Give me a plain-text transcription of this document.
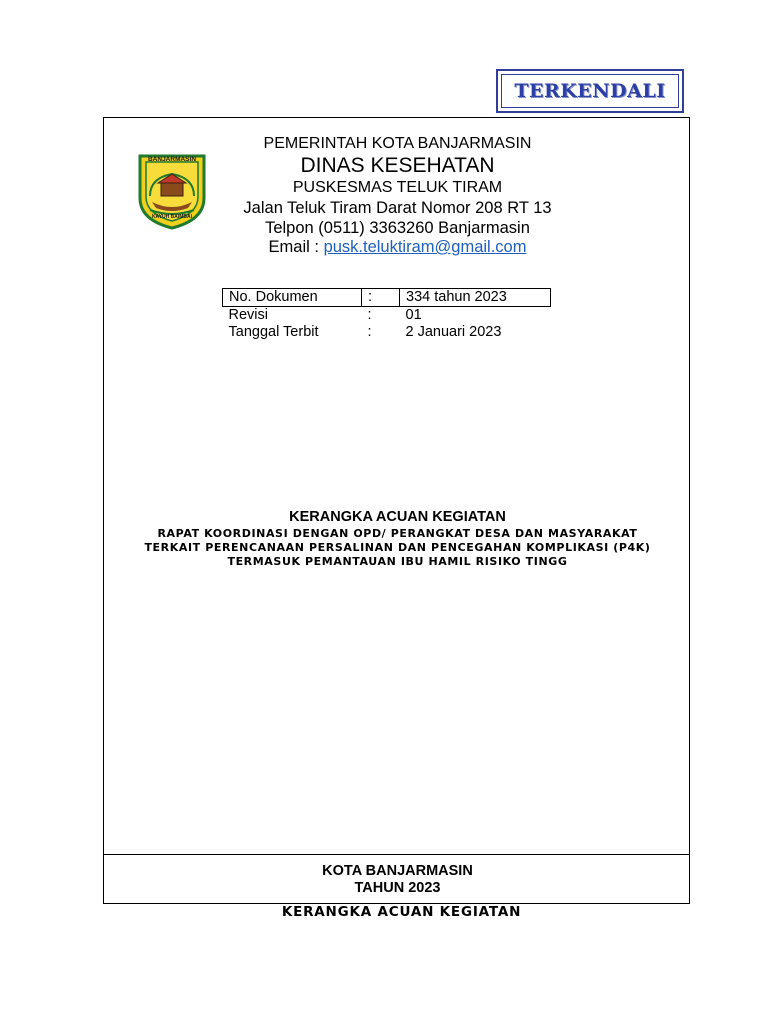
TERKENDALI
BANJARMASIN
KAYUH BAIMBAI
PEMERINTAH KOTA BANJARMASIN
DINAS KESEHATAN
PUSKESMAS TELUK TIRAM
Jalan Teluk Tiram Darat Nomor 208 RT 13
Telpon (0511) 3363260 Banjarmasin
Email : pusk.teluktiram@gmail.com
No. Dokumen	:	334 tahun 2023
Revisi	:	01
Tanggal Terbit	:	2 Januari 2023
KERANGKA ACUAN KEGIATAN
RAPAT KOORDINASI DENGAN OPD/ PERANGKAT DESA DAN MASYARAKAT
TERKAIT PERENCANAAN PERSALINAN DAN PENCEGAHAN KOMPLIKASI (P4K)
TERMASUK PEMANTAUAN IBU HAMIL RISIKO TINGG
KOTA BANJARMASIN
TAHUN 2023
KERANGKA ACUAN KEGIATAN
